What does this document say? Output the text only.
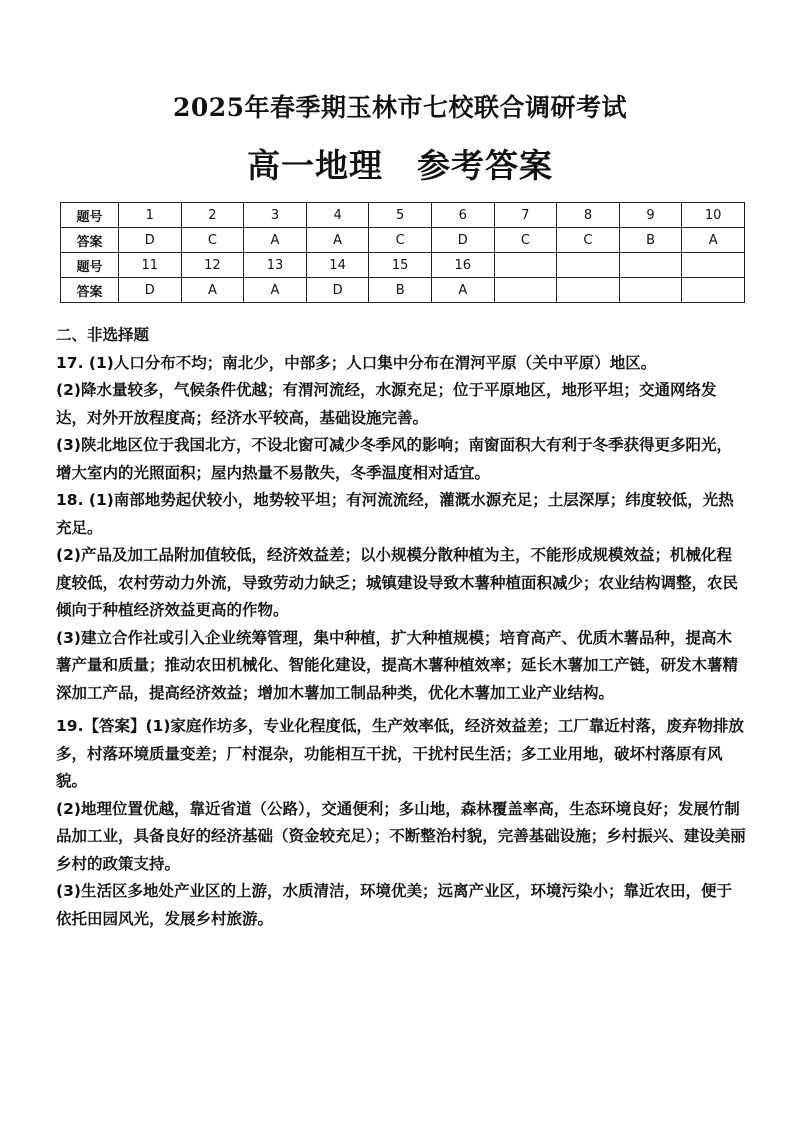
2025年春季期玉林市七校联合调研考试
高一地理　参考答案
题号	1	2	3	4	5	6	7	8	9	10
答案	D	C	A	A	C	D	C	C	B	A
题号	11	12	13	14	15	16				
答案	D	A	A	D	B	A				

二、非选择题

17. (1)人口分布不均；南北少，中部多；人口集中分布在渭河平原（关中平原）地区。

(2)降水量较多，气候条件优越；有渭河流经，水源充足；位于平原地区，地形平坦；交通网络发达，对外开放程度高；经济水平较高，基础设施完善。

(3)陕北地区位于我国北方，不设北窗可减少冬季风的影响；南窗面积大有利于冬季获得更多阳光，增大室内的光照面积；屋内热量不易散失，冬季温度相对适宜。

18. (1)南部地势起伏较小，地势较平坦；有河流流经，灌溉水源充足；土层深厚；纬度较低，光热充足。

(2)产品及加工品附加值较低，经济效益差；以小规模分散种植为主，不能形成规模效益；机械化程度较低，农村劳动力外流，导致劳动力缺乏；城镇建设导致木薯种植面积减少；农业结构调整，农民倾向于种植经济效益更高的作物。

(3)建立合作社或引入企业统筹管理，集中种植，扩大种植规模；培育高产、优质木薯品种，提高木薯产量和质量；推动农田机械化、智能化建设，提高木薯种植效率；延长木薯加工产链，研发木薯精深加工产品，提高经济效益；增加木薯加工制品种类，优化木薯加工业产业结构。

19.【答案】(1)家庭作坊多，专业化程度低，生产效率低，经济效益差；工厂靠近村落，废弃物排放多，村落环境质量变差；厂村混杂，功能相互干扰，干扰村民生活；多工业用地，破坏村落原有风貌。

(2)地理位置优越，靠近省道（公路），交通便利；多山地，森林覆盖率高，生态环境良好；发展竹制品加工业，具备良好的经济基础（资金较充足）；不断整治村貌，完善基础设施；乡村振兴、建设美丽乡村的政策支持。

(3)生活区多地处产业区的上游，水质清洁，环境优美；远离产业区，环境污染小；靠近农田，便于依托田园风光，发展乡村旅游。
